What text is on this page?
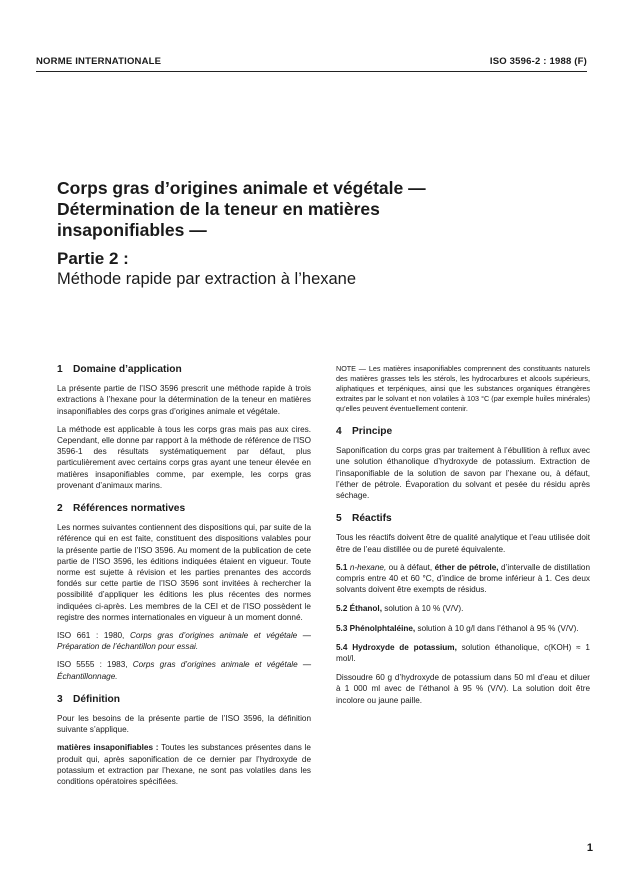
NORME INTERNATIONALE	ISO 3596-2 : 1988 (F)
Corps gras d’origines animale et végétale —
Détermination de la teneur en matières
insaponifiables —
Partie 2 :
Méthode rapide par extraction à l’hexane
1 Domaine d’application

La présente partie de l’ISO 3596 prescrit une méthode rapide à trois extractions à l’hexane pour la détermination de la teneur en matières insaponifiables des corps gras d’origines animale et végétale.

La méthode est applicable à tous les corps gras mais pas aux cires. Cependant, elle donne par rapport à la méthode de référence de l’ISO 3596-1 des résultats systématiquement par défaut, plus particulièrement avec certains corps gras ayant une teneur élevée en matières insaponifiables comme, par exemple, les corps gras provenant d’animaux marins.

2 Références normatives

Les normes suivantes contiennent des dispositions qui, par suite de la référence qui en est faite, constituent des dispositions valables pour la présente partie de l’ISO 3596. Au moment de la publication de cete partie de l’ISO 3596, les éditions indiquées étaient en vigueur. Toute norme est sujette à révision et les parties prenantes des accords fondés sur cette partie de l’ISO 3596 sont invitées à rechercher la possibilité d’appliquer les éditions les plus récentes des normes indiquées ci-après. Les membres de la CEI et de l’ISO possèdent le registre des normes internationales en vigueur à un moment donné.

ISO 661 : 1980, Corps gras d’origines animale et végétale — Préparation de l’échantillon pour essai.

ISO 5555 : 1983, Corps gras d’origines animale et végétale — Échantillonnage.

3 Définition

Pour les besoins de la présente partie de l’ISO 3596, la définition suivante s’applique.

matières insaponifiables : Toutes les substances présentes dans le produit qui, après saponification de ce dernier par l’hydroxyde de potassium et extraction par l’hexane, ne sont pas volatiles dans les conditions opératoires spécifiées.

NOTE — Les matières insaponifiables comprennent des constituants naturels des matières grasses tels les stérols, les hydrocarbures et alcools supérieurs, aliphatiques et terpéniques, ainsi que les substances organiques étrangères extraites par le solvant et non volatiles à 103 °C (par exemple huiles minérales) qu’elles peuvent éventuellement contenir.

4 Principe

Saponification du corps gras par traitement à l’ébullition à reflux avec une solution éthanolique d’hydroxyde de potassium. Extraction de l’insaponifiable de la solution de savon par l’hexane ou, à défaut, l’éther de pétrole. Évaporation du solvant et pesée du résidu après séchage.

5 Réactifs

Tous les réactifs doivent être de qualité analytique et l’eau utilisée doit être de l’eau distillée ou de pureté équivalente.

5.1 n-hexane, ou à défaut, éther de pétrole, d’intervalle de distillation compris entre 40 et 60 °C, d’indice de brome inférieur à 1. Ces deux solvants doivent être exempts de résidus.

5.2 Éthanol, solution à 10 % (V/V).

5.3 Phénolphtaléine, solution à 10 g/l dans l’éthanol à 95 % (V/V).

5.4 Hydroxyde de potassium, solution éthanolique, c(KOH) ≈ 1 mol/l.

Dissoudre 60 g d’hydroxyde de potassium dans 50 ml d’eau et diluer à 1 000 ml avec de l’éthanol à 95 % (V/V). La solution doit être incolore ou jaune paille.

1
